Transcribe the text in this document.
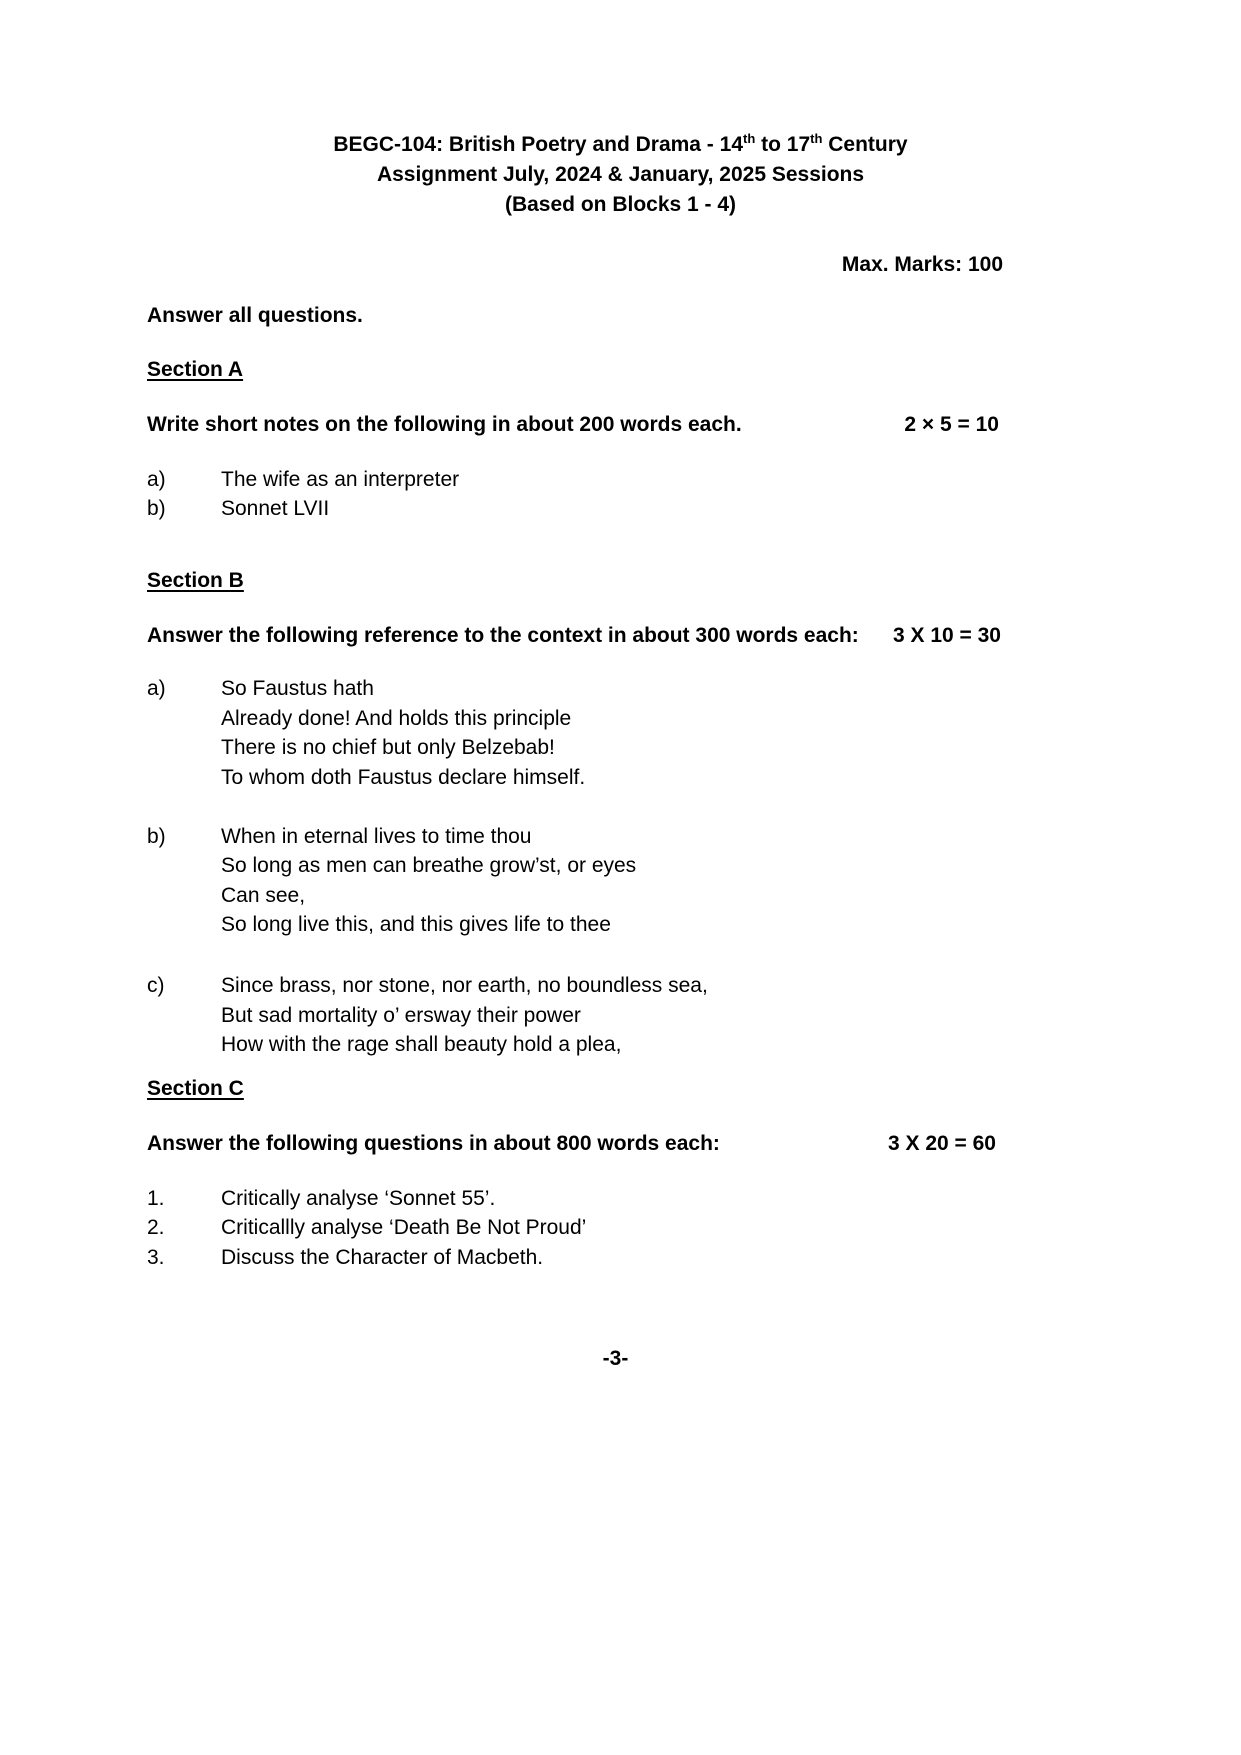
BEGC-104: British Poetry and Drama - 14th to 17th Century
Assignment July, 2024 & January, 2025 Sessions
(Based on Blocks 1 - 4)
Max. Marks: 100
Answer all questions.
Section A
Write short notes on the following in about 200 words each.	2 × 5 = 10
a)	The wife as an interpreter
b)	Sonnet LVII
Section B
Answer the following reference to the context in about 300 words each: 3 X 10 = 30
a)	So Faustus hath
Already done! And holds this principle
There is no chief but only Belzebab!
To whom doth Faustus declare himself.
b)	When in eternal lives to time thou
So long as men can breathe grow’st, or eyes
Can see,
So long live this, and this gives life to thee
c)	Since brass, nor stone, nor earth, no boundless sea,
But sad mortality o’ ersway their power
How with the rage shall beauty hold a plea,
Section C
Answer the following questions in about 800 words each:	3 X 20 = 60
1.	Critically analyse ‘Sonnet 55’.
2.	Criticallly analyse ‘Death Be Not Proud’
3.	Discuss the Character of Macbeth.
-3-
